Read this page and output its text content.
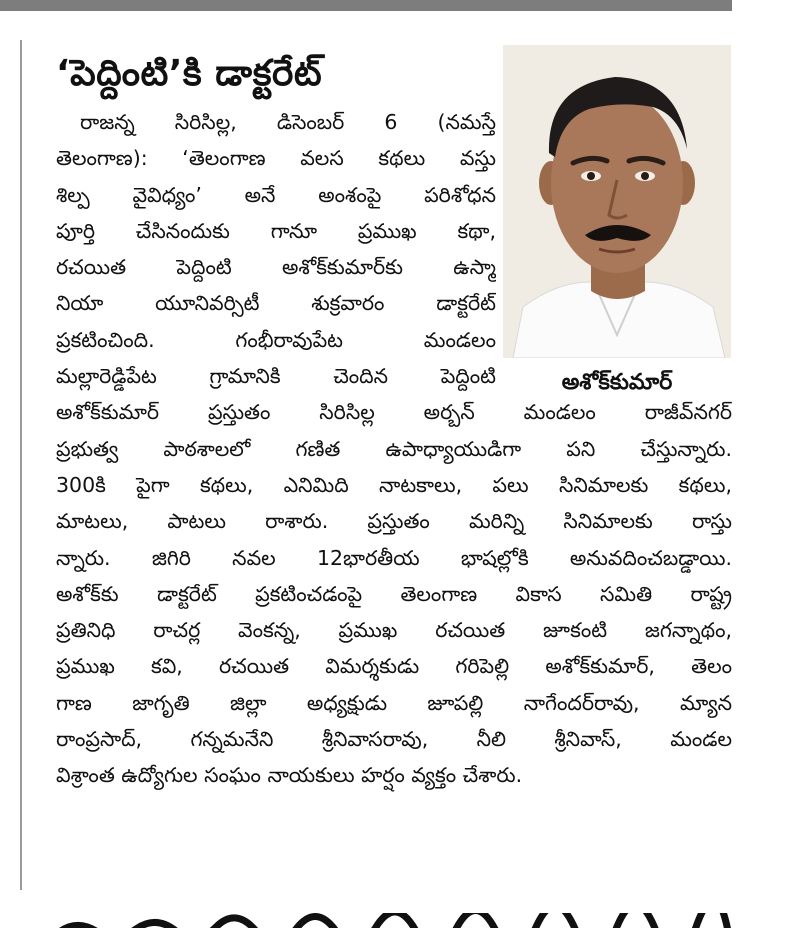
‘పెద్దింటి’కి డాక్టరేట్
అశోక్‌కుమార్
రాజన్న సిరిసిల్ల, డిసెంబర్ 6 (నమస్తే
తెలంగాణ): ‘తెలంగాణ వలస కథలు వస్తు
శిల్ప వైవిధ్యం’ అనే అంశంపై పరిశోధన
పూర్తి చేసినందుకు గానూ ప్రముఖ కథా,
రచయిత పెద్దింటి అశోక్‌కుమార్‌కు ఉస్మా
నియా యూనివర్సిటీ శుక్రవారం డాక్టరేట్
ప్రకటించింది. గంభీరావుపేట మండలం
మల్లారెడ్డిపేట గ్రామానికి చెందిన పెద్దింటి
అశోక్‌కుమార్ ప్రస్తుతం సిరిసిల్ల అర్బన్ మండలం రాజీవ్‌నగర్
ప్రభుత్వ పాఠశాలలో గణిత ఉపాధ్యాయుడిగా పని చేస్తున్నారు.
300కి పైగా కథలు, ఎనిమిది నాటకాలు, పలు సినిమాలకు కథలు,
మాటలు, పాటలు రాశారు. ప్రస్తుతం మరిన్ని సినిమాలకు రాస్తు
న్నారు. జిగిరి నవల 12భారతీయ భాషల్లోకి అనువదించబడ్డాయి.
అశోక్‌కు డాక్టరేట్ ప్రకటించడంపై తెలంగాణ వికాస సమితి రాష్ట్ర
ప్రతినిధి రాచర్ల వెంకన్న, ప్రముఖ రచయిత జూకంటి జగన్నాథం,
ప్రముఖ కవి, రచయిత విమర్శకుడు గరిపెల్లి అశోక్‌కుమార్, తెలం
గాణ జాగృతి జిల్లా అధ్యక్షుడు జూపల్లి నాగేందర్‌రావు, మ్యాన
రాంప్రసాద్, గన్నమనేని శ్రీనివాసరావు, నీలి శ్రీనివాస్, మండల
విశ్రాంత ఉద్యోగుల సంఘం నాయకులు హర్షం వ్యక్తం చేశారు.
